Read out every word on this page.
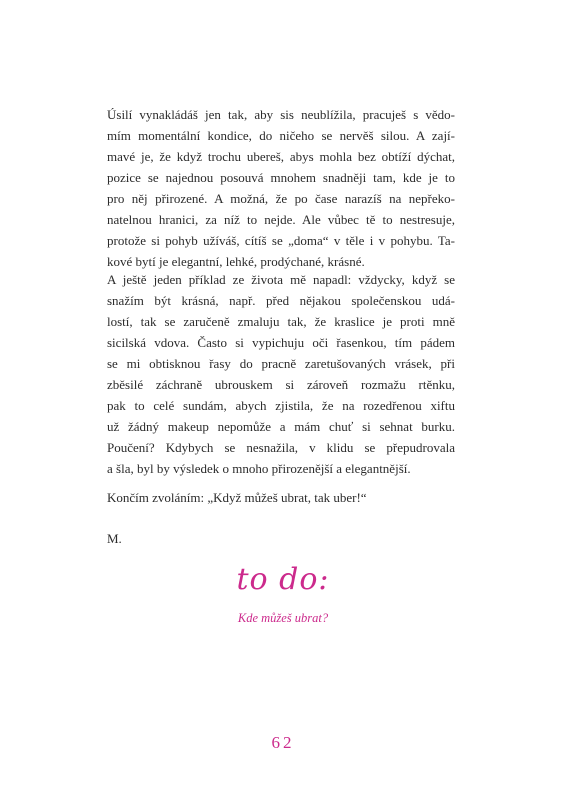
Úsilí vynakládáš jen tak, aby sis neublížila, pracuješ s vědo-
mím momentální kondice, do ničeho se nervěš silou. A zají-
mavé je, že když trochu ubereš, abys mohla bez obtíží dýchat,
pozice se najednou posouvá mnohem snadněji tam, kde je to
pro něj přirozené. A možná, že po čase narazíš na nepřeko-
natelnou hranici, za níž to nejde. Ale vůbec tě to nestresuje,
protože si pohyb užíváš, cítíš se „doma“ v těle i v pohybu. Ta-
kové bytí je elegantní, lehké, prodýchané, krásné.
A ještě jeden příklad ze života mě napadl: vždycky, když se
snažím být krásná, např. před nějakou společenskou udá-
lostí, tak se zaručeně zmaluju tak, že kraslice je proti mně
sicilská vdova. Často si vypichuju oči řasenkou, tím pádem
se mi obtisknou řasy do pracně zaretušovaných vrásek, při
zběsilé záchraně ubrouskem si zároveň rozmažu rtěnku,
pak to celé sundám, abych zjistila, že na rozedřenou xiftu
už žádný makeup nepomůže a mám chuť si sehnat burku.
Poučení? Kdybych se nesnažila, v klidu se přepudrovala
a šla, byl by výsledek o mnoho přirozenější a elegantnější.
Končím zvoláním: „Když můžeš ubrat, tak uber!“
M.
to do:
Kde můžeš ubrat?
62
